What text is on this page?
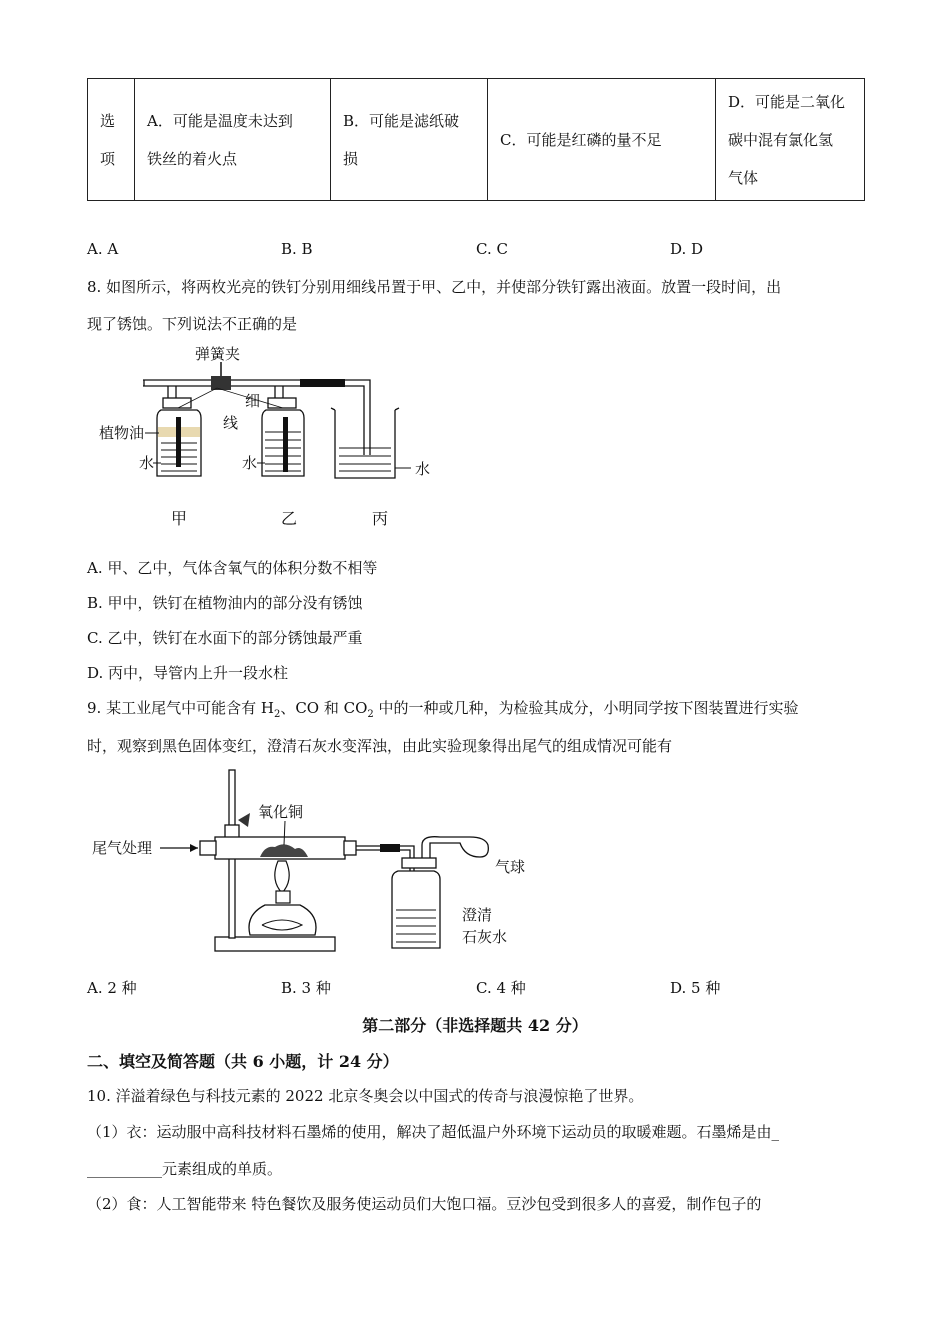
选
项

A．可能是温度未达到
铁丝的着火点

B．可能是滤纸破
损

C．可能是红磷的量不足

D．可能是二氧化
碳中混有氯化氢
气体
A. A	B. B	C. C	D. D
8. 如图所示，将两枚光亮的铁钉分别用细线吊置于甲、乙中，并使部分铁钉露出液面。放置一段时间，出
现了锈蚀。下列说法不正确的是
弹簧夹
细
线
植物油
水	水	水
甲	乙	丙
A. 甲、乙中，气体含氧气的体积分数不相等
B. 甲中，铁钉在植物油内的部分没有锈蚀
C. 乙中，铁钉在水面下的部分锈蚀最严重
D. 丙中，导管内上升一段水柱
9. 某工业尾气中可能含有 $H_2$、CO 和 $CO_2$ 中的一种或几种，为检验其成分，小明同学按下图装置进行实验
时，观察到黑色固体变红，澄清石灰水变浑浊，由此实验现象得出尾气的组成情况可能有
氧化铜
尾气处理
气球
澄清
石灰水
A. 2 种	B. 3 种	C. 4 种	D. 5 种
第二部分（非选择题共 42 分）
二、填空及简答题（共 6 小题，计 24 分）
10. 洋溢着绿色与科技元素的 2022 北京冬奥会以中国式的传奇与浪漫惊艳了世界。
（1）衣：运动服中高科技材料石墨烯的使用，解决了超低温户外环境下运动员的取暖难题。石墨烯是由_
__________元素组成的单质。
（2）食：人工智能带来 特色餐饮及服务使运动员们大饱口福。豆沙包受到很多人的喜爱，制作包子的
